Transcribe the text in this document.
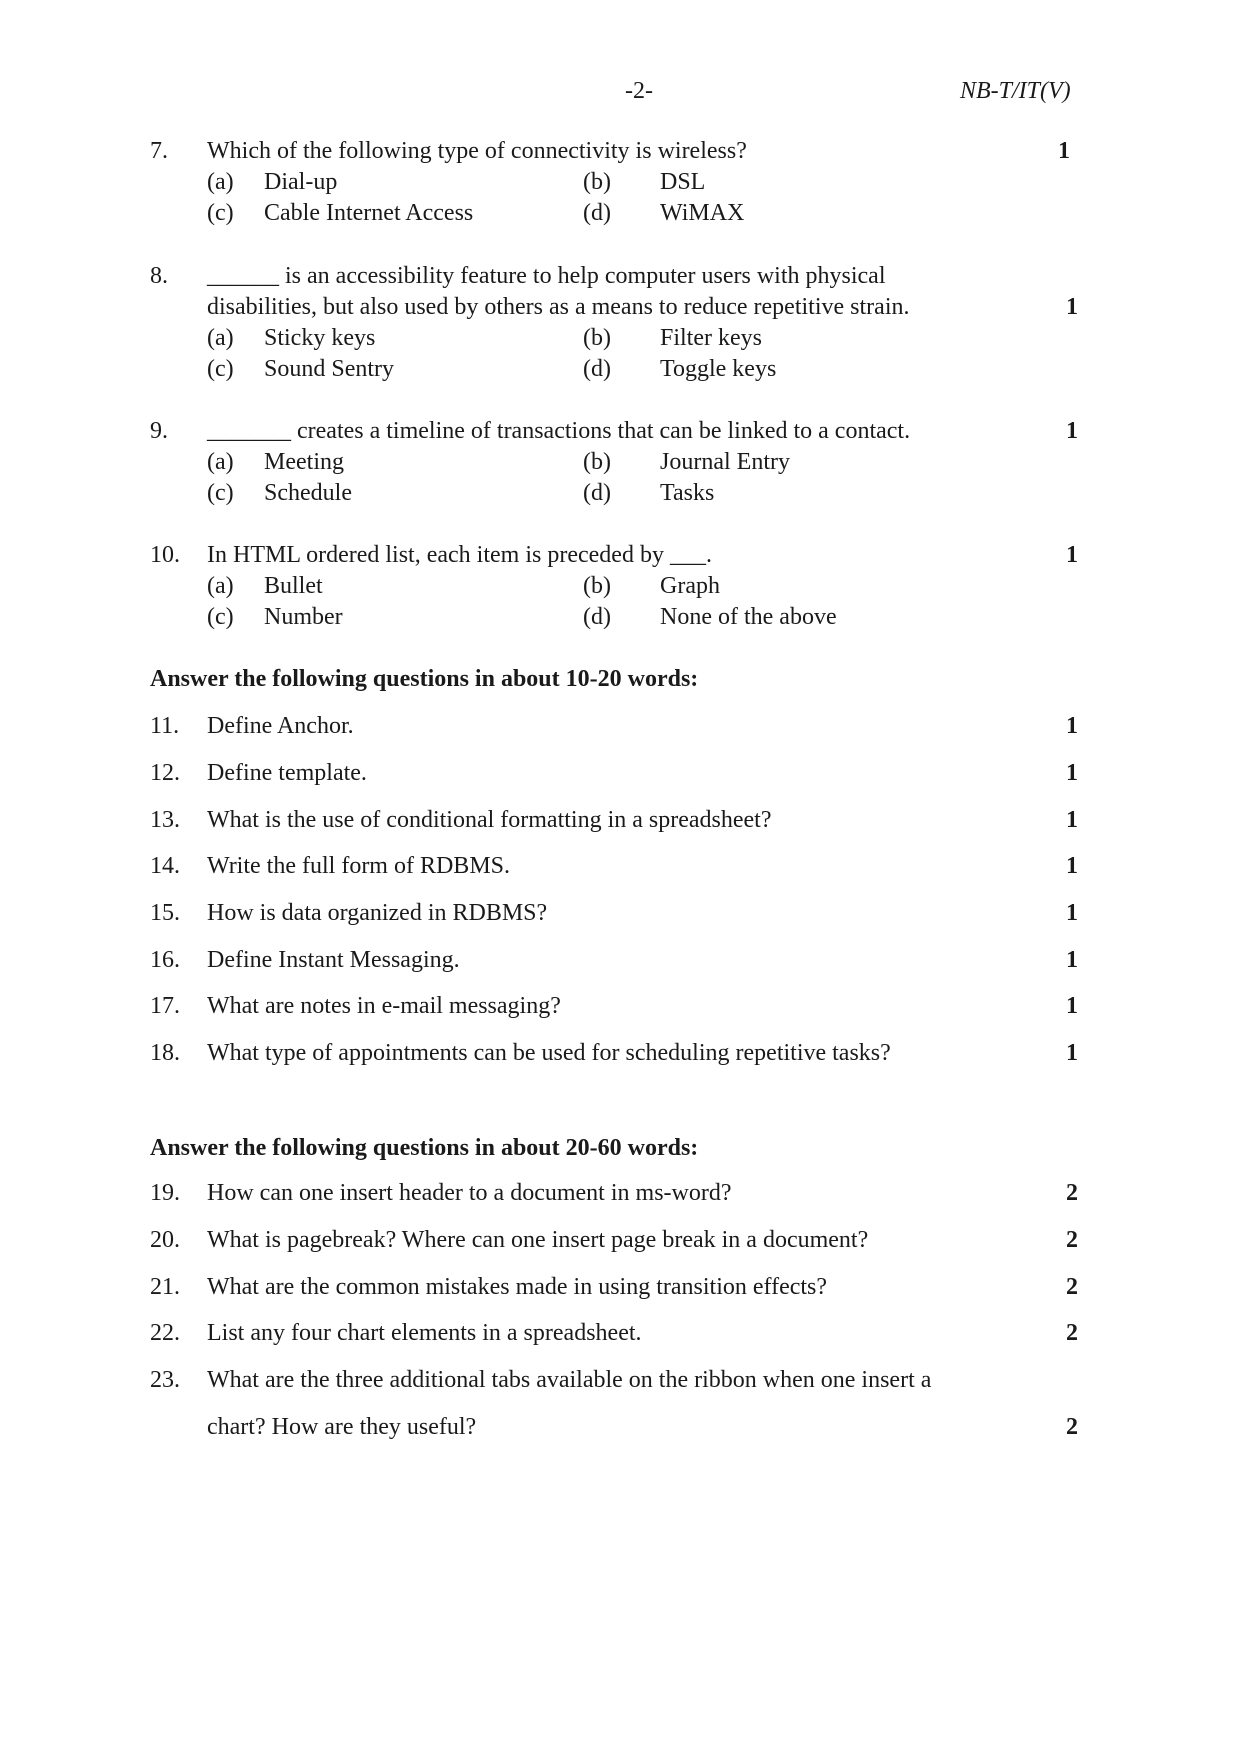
-2-	NB-T/IT(V)
7. Which of the following type of connectivity is wireless?	1
(a) Dial-up	(b) DSL
(c) Cable Internet Access	(d) WiMAX
8. ______ is an accessibility feature to help computer users with physical
disabilities, but also used by others as a means to reduce repetitive strain.	1
(a) Sticky keys	(b) Filter keys
(c) Sound Sentry	(d) Toggle keys
9. _______ creates a timeline of transactions that can be linked to a contact.	1
(a) Meeting	(b) Journal Entry
(c) Schedule	(d) Tasks
10. In HTML ordered list, each item is preceded by ___.	1
(a) Bullet	(b) Graph
(c) Number	(d) None of the above
Answer the following questions in about 10-20 words:
11. Define Anchor.	1
12. Define template.	1
13. What is the use of conditional formatting in a spreadsheet?	1
14. Write the full form of RDBMS.	1
15. How is data organized in RDBMS?	1
16. Define Instant Messaging.	1
17. What are notes in e-mail messaging?	1
18. What type of appointments can be used for scheduling repetitive tasks?	1
Answer the following questions in about 20-60 words:
19. How can one insert header to a document in ms-word?	2
20. What is pagebreak? Where can one insert page break in a document?	2
21. What are the common mistakes made in using transition effects?	2
22. List any four chart elements in a spreadsheet.	2
23. What are the three additional tabs available on the ribbon when one insert a
chart? How are they useful?	2
